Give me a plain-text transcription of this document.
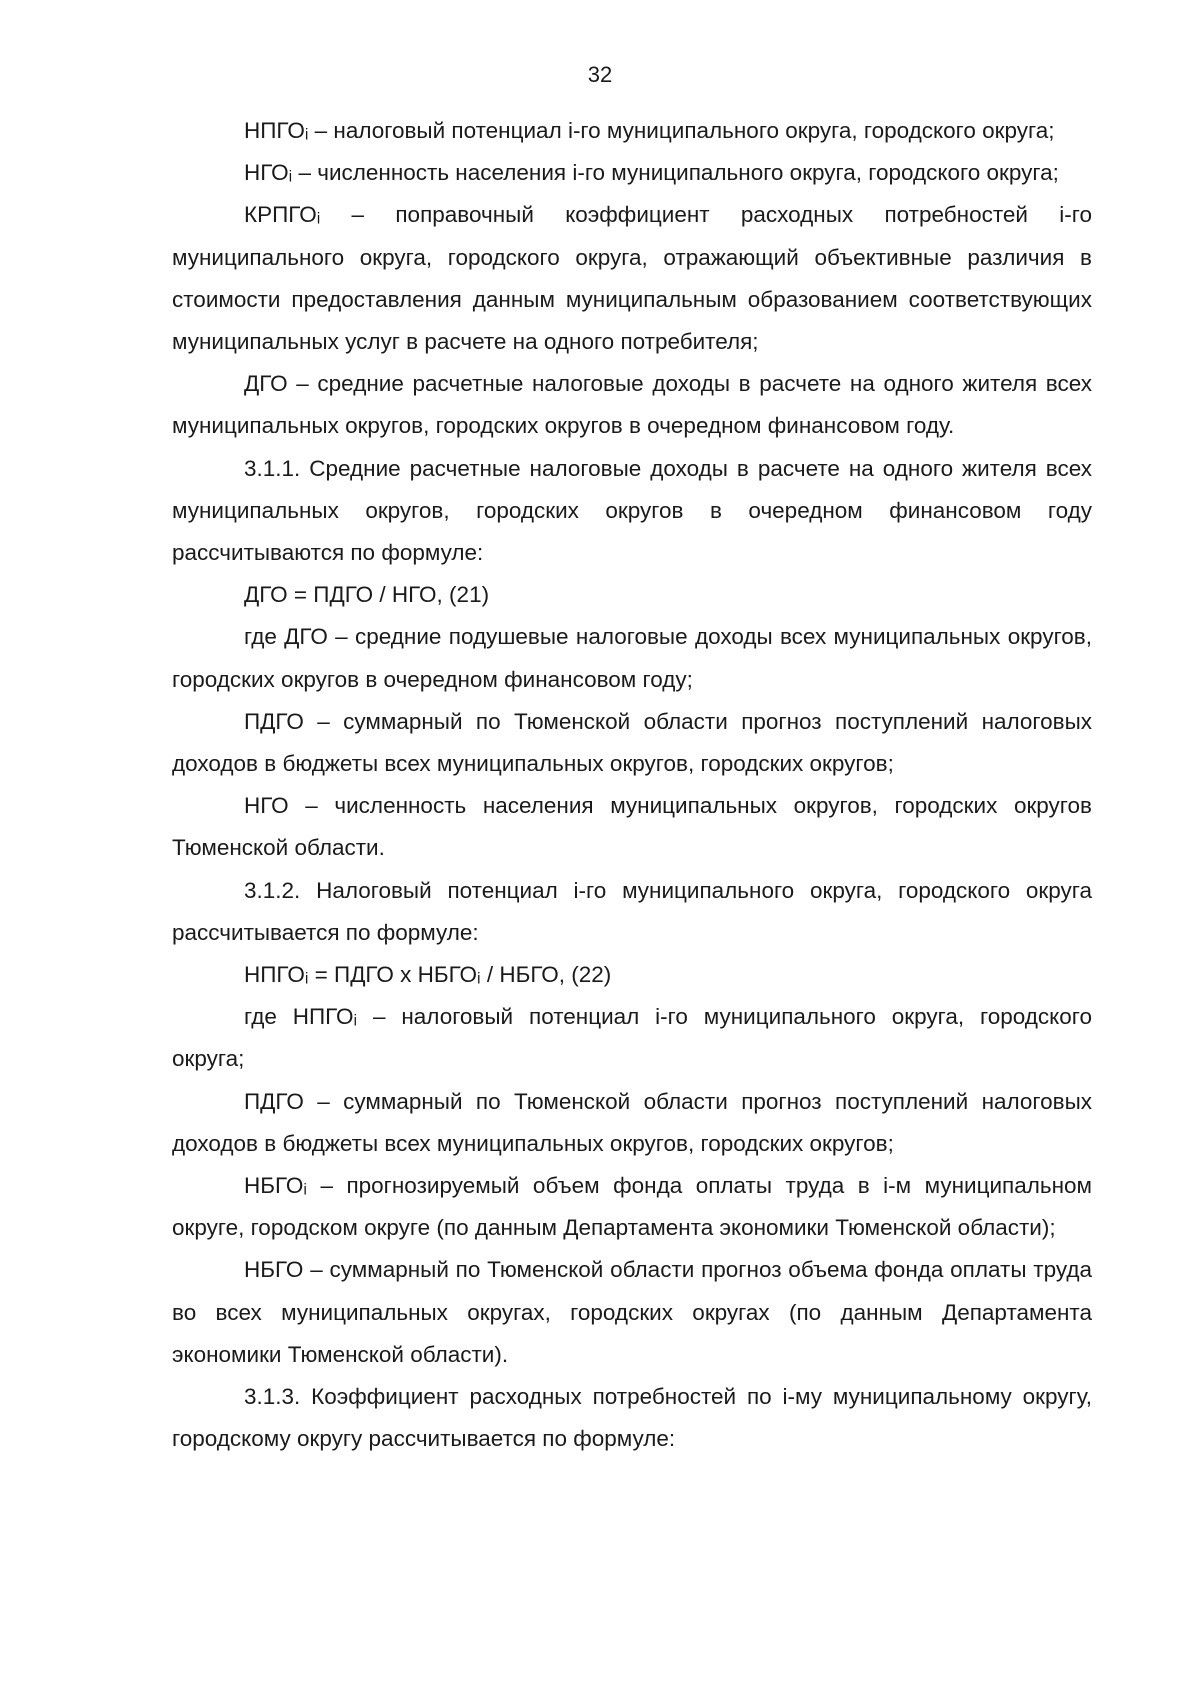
32

НПГОᵢ – налоговый потенциал i-го муниципального округа, городского округа;

НГОᵢ – численность населения i-го муниципального округа, городского округа;

КРПГОᵢ – поправочный коэффициент расходных потребностей i-го муниципального округа, городского округа, отражающий объективные различия в стоимости предоставления данным муниципальным образованием соответствующих муниципальных услуг в расчете на одного потребителя;

ДГО – средние расчетные налоговые доходы в расчете на одного жителя всех муниципальных округов, городских округов в очередном финансовом году.

3.1.1. Средние расчетные налоговые доходы в расчете на одного жителя всех муниципальных округов, городских округов в очередном финансовом году рассчитываются по формуле:

ДГО = ПДГО / НГО, (21)

где ДГО – средние подушевые налоговые доходы всех муниципальных округов, городских округов в очередном финансовом году;

ПДГО – суммарный по Тюменской области прогноз поступлений налоговых доходов в бюджеты всех муниципальных округов, городских округов;

НГО – численность населения муниципальных округов, городских округов Тюменской области.

3.1.2. Налоговый потенциал i-го муниципального округа, городского округа рассчитывается по формуле:

НПГОᵢ = ПДГО х НБГОᵢ / НБГО, (22)

где НПГОᵢ – налоговый потенциал i-го муниципального округа, городского округа;

ПДГО – суммарный по Тюменской области прогноз поступлений налоговых доходов в бюджеты всех муниципальных округов, городских округов;

НБГОᵢ – прогнозируемый объем фонда оплаты труда в i-м муниципальном округе, городском округе (по данным Департамента экономики Тюменской области);

НБГО – суммарный по Тюменской области прогноз объема фонда оплаты труда во всех муниципальных округах, городских округах (по данным Департамента экономики Тюменской области).

3.1.3. Коэффициент расходных потребностей по i-му муниципальному округу, городскому округу рассчитывается по формуле:
